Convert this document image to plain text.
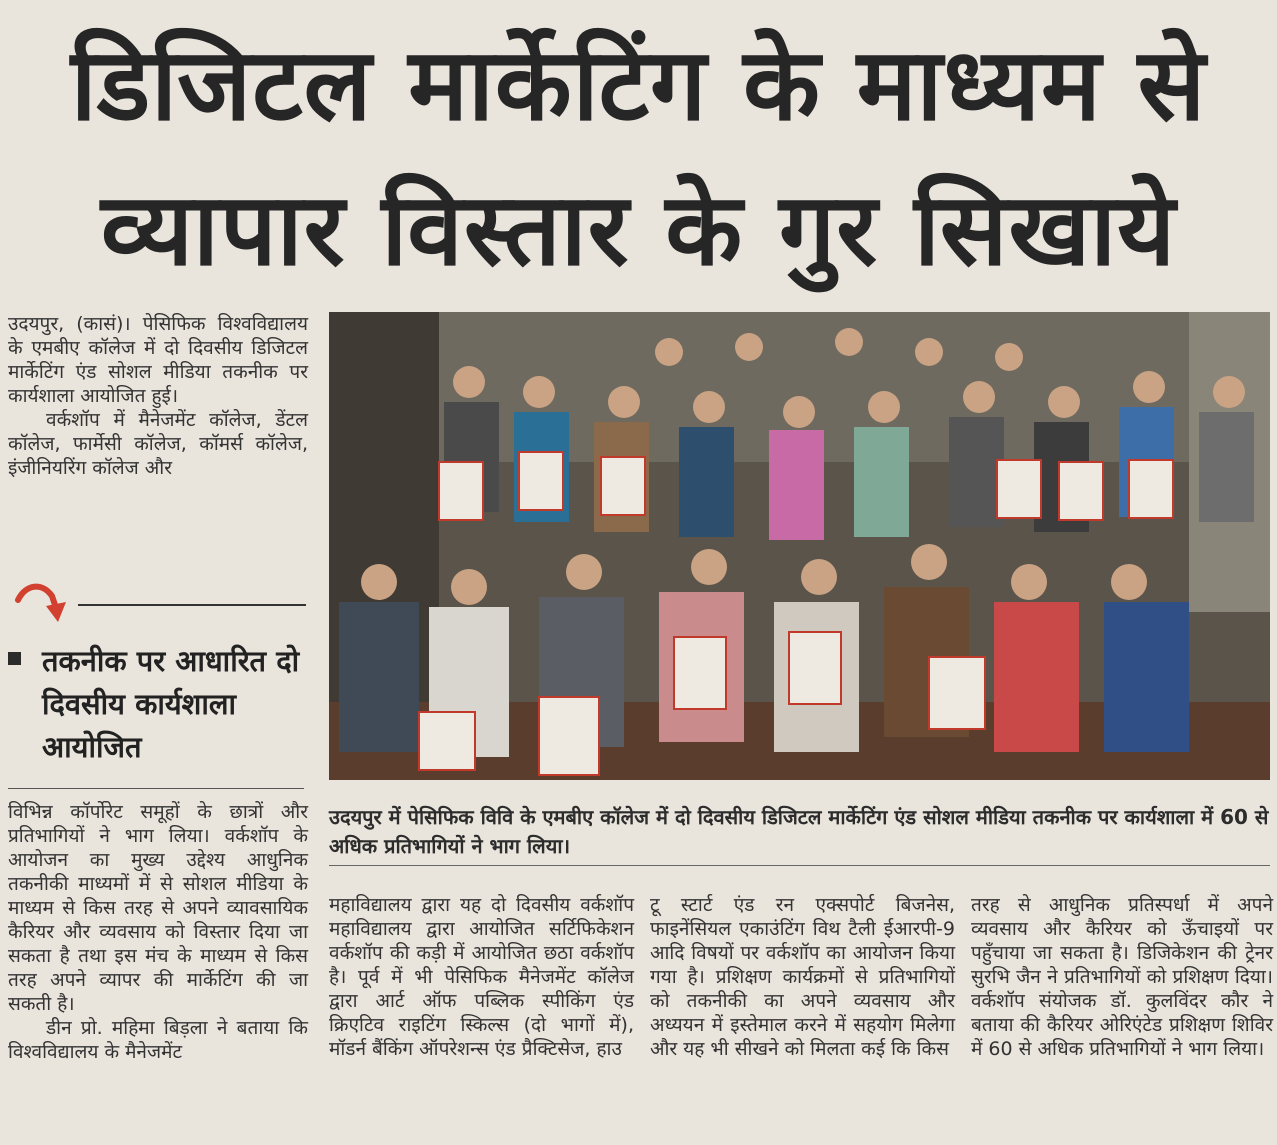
डिजिटल मार्केटिंग के माध्यम से
व्यापार विस्तार के गुर सिखाये

उदयपुर, (कासं)। पेसिफिक विश्वविद्यालय के एमबीए कॉलेज में दो दिवसीय डिजिटल मार्केटिंग एंड सोशल मीडिया तकनीक पर कार्यशाला आयोजित हुई।

वर्कशॉप में मैनेजमेंट कॉलेज, डेंटल कॉलेज, फार्मेसी कॉलेज, कॉमर्स कॉलेज, इंजीनियरिंग कॉलेज और

तकनीक पर आधारित दो दिवसीय कार्यशाला आयोजित
उदयपुर में पेसिफिक विवि के एमबीए कॉलेज में दो दिवसीय डिजिटल मार्केटिंग एंड सोशल मीडिया तकनीक पर कार्यशाला में 60 से अधिक प्रतिभागियों ने भाग लिया।

विभिन्न कॉर्पोरेट समूहों के छात्रों और प्रतिभागियों ने भाग लिया। वर्कशॉप के आयोजन का मुख्य उद्देश्य आधुनिक तकनीकी माध्यमों में से सोशल मीडिया के माध्यम से किस तरह से अपने व्यावसायिक कैरियर और व्यवसाय को विस्तार दिया जा सकता है तथा इस मंच के माध्यम से किस तरह अपने व्यापर की मार्केटिंग की जा सकती है।

डीन प्रो. महिमा बिड़ला ने बताया कि विश्वविद्यालय के मैनेजमेंट

महाविद्यालय द्वारा यह दो दिवसीय वर्कशॉप महाविद्यालय द्वारा आयोजित सर्टिफिकेशन वर्कशॉप की कड़ी में आयोजित छठा वर्कशॉप है। पूर्व में भी पेसिफिक मैनेजमेंट कॉलेज द्वारा आर्ट ऑफ पब्लिक स्पीकिंग एंड क्रिएटिव राइटिंग स्किल्स (दो भागों में), मॉडर्न बैंकिंग ऑपरेशन्स एंड प्रैक्टिसेज, हाउ
टू स्टार्ट एंड रन एक्सपोर्ट बिजनेस, फाइनेंसियल एकाउंटिंग विथ टैली ईआरपी-9 आदि विषयों पर वर्कशॉप का आयोजन किया गया है। प्रशिक्षण कार्यक्रमों से प्रतिभागियों को तकनीकी का अपने व्यवसाय और अध्ययन में इस्तेमाल करने में सहयोग मिलेगा और यह भी सीखने को मिलता कई कि किस
तरह से आधुनिक प्रतिस्पर्धा में अपने व्यवसाय और कैरियर को ऊँचाइयों पर पहुँचाया जा सकता है। डिजिकेशन की ट्रेनर सुरभि जैन ने प्रतिभागियों को प्रशिक्षण दिया। वर्कशॉप संयोजक डॉ. कुलविंदर कौर ने बताया की कैरियर ओरिएंटेड प्रशिक्षण शिविर में 60 से अधिक प्रतिभागियों ने भाग लिया।
